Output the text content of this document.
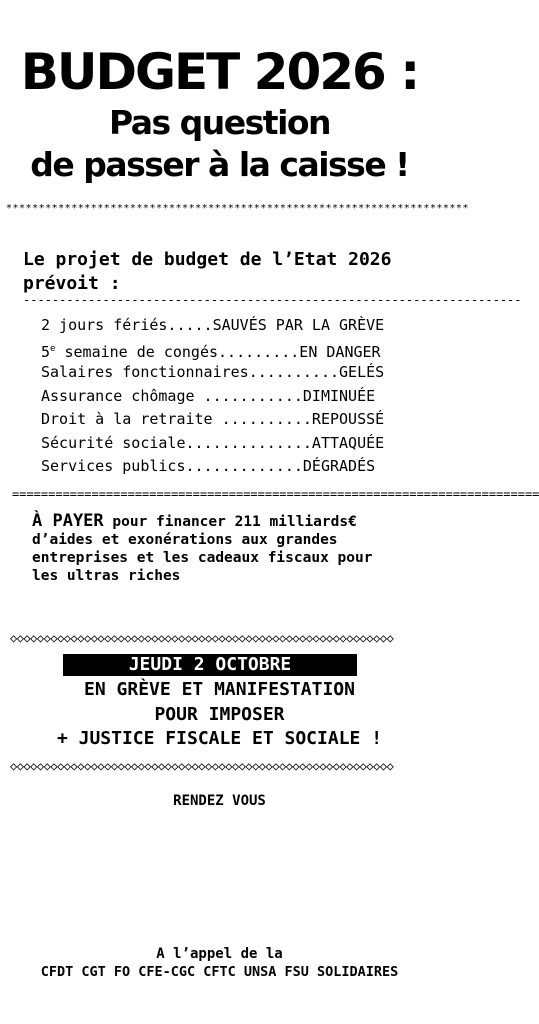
BUDGET 2026 :
Pas question
de passer à la caisse !
***********************************************************************
Le projet de budget de l’Etat 2026
prévoit :
---------------------------------------------------------------------
2 jours fériés.....SAUVÉS PAR LA GRÈVE
5e semaine de congés.........EN DANGER
Salaires fonctionnaires..........GELÉS
Assurance chômage ...........DIMINUÉE
Droit à la retraite ..........REPOUSSÉ
Sécurité sociale..............ATTAQUÉE
Services publics.............DÉGRADÉS
=========================================================================
À PAYER pour financer 211 milliards€
d’aides et exonérations aux grandes
entreprises et les cadeaux fiscaux pour
les ultras riches
◇◇◇◇◇◇◇◇◇◇◇◇◇◇◇◇◇◇◇◇◇◇◇◇◇◇◇◇◇◇◇◇◇◇◇◇◇◇◇◇◇◇◇◇◇◇◇◇◇◇◇◇◇◇◇◇◇
JEUDI 2 OCTOBRE
EN GRÈVE ET MANIFESTATION
POUR IMPOSER
+ JUSTICE FISCALE ET SOCIALE !
◇◇◇◇◇◇◇◇◇◇◇◇◇◇◇◇◇◇◇◇◇◇◇◇◇◇◇◇◇◇◇◇◇◇◇◇◇◇◇◇◇◇◇◇◇◇◇◇◇◇◇◇◇◇◇◇◇
RENDEZ VOUS
A l’appel de la
CFDT CGT FO CFE-CGC CFTC UNSA FSU SOLIDAIRES
